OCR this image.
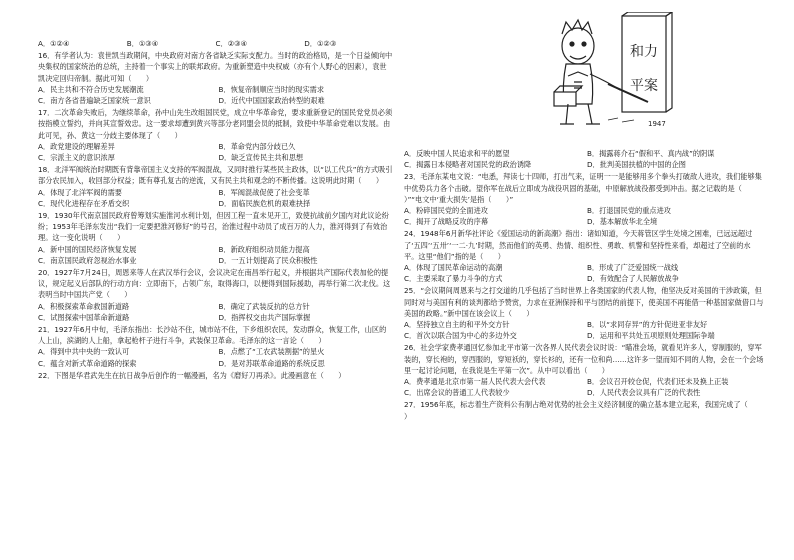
A．①②④	B．①③④	C．②③④	D．①②③

16．有学者认为：袁世凯当政期间，中央政府对南方各省缺乏实际支配力。当时的政治格局，是一个日益倾向中央集权的国家统治的总统，主持着一个事实上的联邦政府。为重新塑造中央权威（亦有个人野心的因素），袁世凯决定回归帝制。据此可知（　　）

A．民主共和不符合历史发展潮流	B．恢复帝制顺应当时的现实需求
C．南方各省普遍缺乏国家统一意识	D．近代中国国家政治转型的艰难

17．二次革命失败后，为继续革命，孙中山先生改组国民党，成立中华革命党，要求重新登记的国民党党员必须按指模立誓约，并向其宣誓效忠。这一要求却遭到黄兴等部分老同盟会员的抵制，致使中华革命党难以发展。由此可见，孙、黄这一分歧主要体现了（　　）

A．政党建设的理解差异	B．革命党内部分歧已久
C．宗派主义的意识浓厚	D．缺乏宣传民主共和思想

18．北洋军阀统治时期既有背靠帝国主义支持的军阀混战，又同时推行某些民主政体，以“以工代兵”的方式吸引部分农民加入，收回部分权益；既有尊孔复古的逆流，又有民主共和观念的不断传播。这说明此时期（　　）

A．体现了北洋军阀的需要	B．军阀混战促使了社会变革
C．现代化进程存在矛盾交织	D．面临民族危机的艰难抉择

19．1930年代南京国民政府曾筹划实施淮河水利计划，但因工程一直未见开工，致使抗战前夕国内对此议论纷纷；1953年毛泽东发出“我们一定要把淮河修好”的号召，治淮过程中动员了成百万的人力，淮河得到了有效治理。这一变化说明（　　）

A．新中国的国民经济恢复发展	B．新政府组织动员能力提高
C．南京国民政府忽视治水事业	D．一五计划提高了民众积极性

20．1927年7月24日，周恩来等人在武汉举行会议，会议决定在南昌举行起义，并根据共产国际代表加伦的提议，规定起义后部队的行动方向：立即南下，占领广东，取得海口，以便得到国际援助，再举行第二次北伐。这表明当时中国共产党（　　）

A．积极探索革命救国新道路	B．确定了武装反抗的总方针
C．试图探索中国革命新道路	D．指挥权交由共产国际掌握

21．1927年6月中旬，毛泽东指出：长沙站不住，城市站不住，下乡组织农民，发动群众，恢复工作，山区的人上山，滨湖的人上船，拿起枪杆子进行斗争，武装保卫革命。毛泽东的这一言论（　　）

A．得到中共中央的一致认可	B．点燃了“工农武装割据”的星火
C．蕴含对新式革命道路的探索	D．是对苏联革命道路的系统反思

22．下图是华君武先生在抗日战争后创作的一幅漫画，名为《磨好刀再杀》。此漫画意在（　　）

和力
平案
1947
A．反映中国人民追求和平的愿望	B．揭露蒋介石“假和平、真内战”的阴谋
C．揭露日本侵略者对国民党的政治诱降	D．批判美国扶植的中国的企图

23．毛泽东某电文说：“电悉，拜读七十四师，打出气来，证明一一是能够用多个拳头打破敌人进攻，我们能够集中优势兵力各个击破。望你军在战后立即成为战役巩固的基础，中原解放战役都受到冲击。据之记载的是（　　）”“电文中‘重大损失’是指（　　）”

A．粉碎国民党的全面进攻	B．打退国民党的重点进攻
C．揭开了战略反攻的序幕	D．基本解放华北全境

24．1948年6月新华社评论《爱国运动的新高潮》指出：诸如知道，今天蒋管区学生处境之困难，已远远超过了‘五四’‘五卅’‘一二·九’时期，然而他们的英勇、热情、组织性、勇敢、机警和坚持性来看，却超过了空前的水平。这里“他们”指的是（　　）

A．体现了国民革命运动的高潮	B．形成了广泛爱国统一战线
C．主要采取了暴力斗争的方式	D．有效配合了人民解放战争

25．“会议期间周恩来与之打交道的几乎包括了当时世界上各类国家的代表人物，他坚决反对美国的干涉政策，但同时对与美国有利的谈判都给予赞赏，力求在亚洲保持和平与团结的前提下，使美国不再能借一种基国家做借口与美国的政略。”新中国在该会议上（　　）

A．坚持独立自主的和平外交方针	B．以“求同存异”的方针促进亚非友好
C．首次以联合国为中心的多边外交	D．运用和平共处五项原则处理国际争端

26．社会学家费孝通回忆参加北平市第一次各界人民代表会议时说：“瞄准会场，就看见许多人，穿制服的，穿军装的，穿长袍的，穿西服的，穿短袄的，穿长衫的，还有一位和尚……这许多一望而知不同的人物，会在一个会场里一起讨论问题，在我说是生平第一次”。从中可以看出（　　）

A．费孝通是北京市第一届人民代表大会代表	B．会议召开较仓促，代表们还未及换上正装
C．出席会议的普通工人代表较少	D．人民代表会议具有广泛的代表性

27．1956年底，标志着生产资料公有制占绝对优势的社会主义经济制度的确立基本建立起来，我国完成了（　　）
